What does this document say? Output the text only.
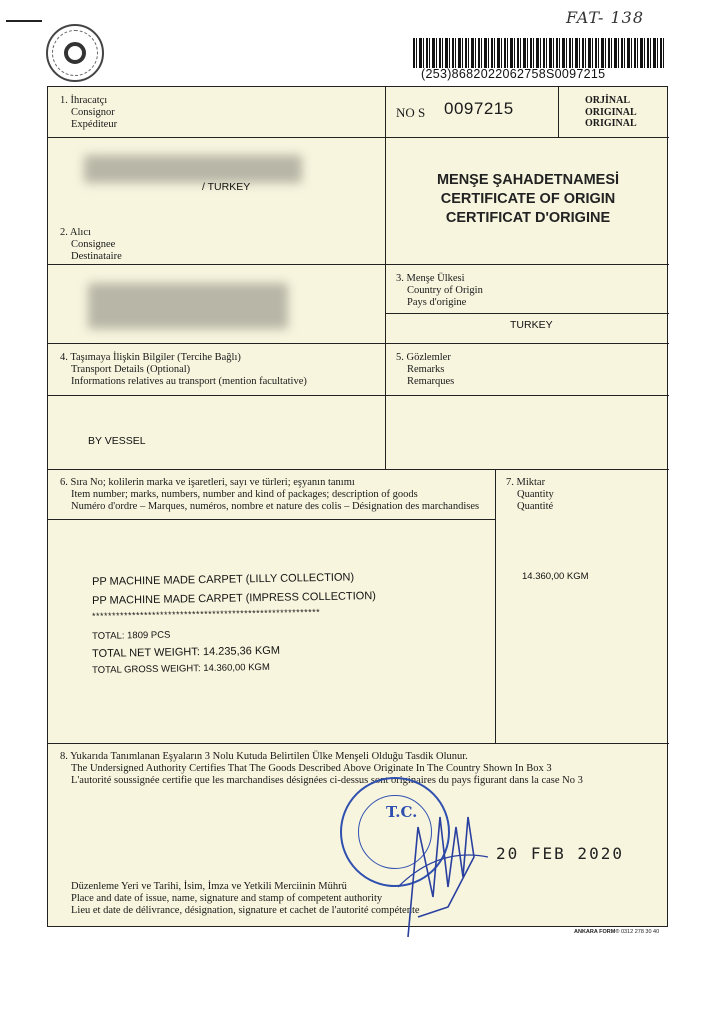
FAT- 138
(253)8682022062758S0097215
NO S 0097215	ORJİNAL
ORIGINAL
ORIGINAL
1. İhracatçı
Consignor
Expéditeur
/ TURKEY	MENŞE ŞAHADETNAMESİ
CERTIFICATE OF ORIGIN
CERTIFICAT D'ORIGINE
2. Alıcı
Consignee
Destinataire
3. Menşe Ülkesi
Country of Origin
Pays d'origine
TURKEY
4. Taşımaya İlişkin Bilgiler (Tercihe Bağlı)
Transport Details (Optional)
Informations relatives au transport (mention facultative)
BY VESSEL
5. Gözlemler
Remarks
Remarques
6. Sıra No; kolilerin marka ve işaretleri, sayı ve türleri; eşyanın tanımı
Item number; marks, numbers, number and kind of packages; description of goods
Numéro d'ordre – Marques, numéros, nombre et nature des colis – Désignation des marchandises
PP MACHINE MADE CARPET (LILLY COLLECTION)
PP MACHINE MADE CARPET (IMPRESS COLLECTION)
*********************************************************
TOTAL: 1809 PCS
TOTAL NET WEIGHT: 14.235,36 KGM
TOTAL GROSS WEIGHT: 14.360,00 KGM
7. Miktar
Quantity
Quantité
14.360,00 KGM
8. Yukarıda Tanımlanan Eşyaların 3 Nolu Kutuda Belirtilen Ülke Menşeli Olduğu Tasdik Olunur.
The Undersigned Authority Certifies That The Goods Described Above Originate In The Country Shown In Box 3
L'autorité soussignée certifie que les marchandises désignées ci-dessus sont originaires du pays figurant dans la case No 3
Düzenleme Yeri ve Tarihi, İsim, İmza ve Yetkili Merciinin Mührü
Place and date of issue, name, signature and stamp of competent authority
Lieu et date de délivrance, désignation, signature et cachet de l'autorité compétente
T.C.
20 FEB 2020
ANKARA FORM® 0312 278 30 40
